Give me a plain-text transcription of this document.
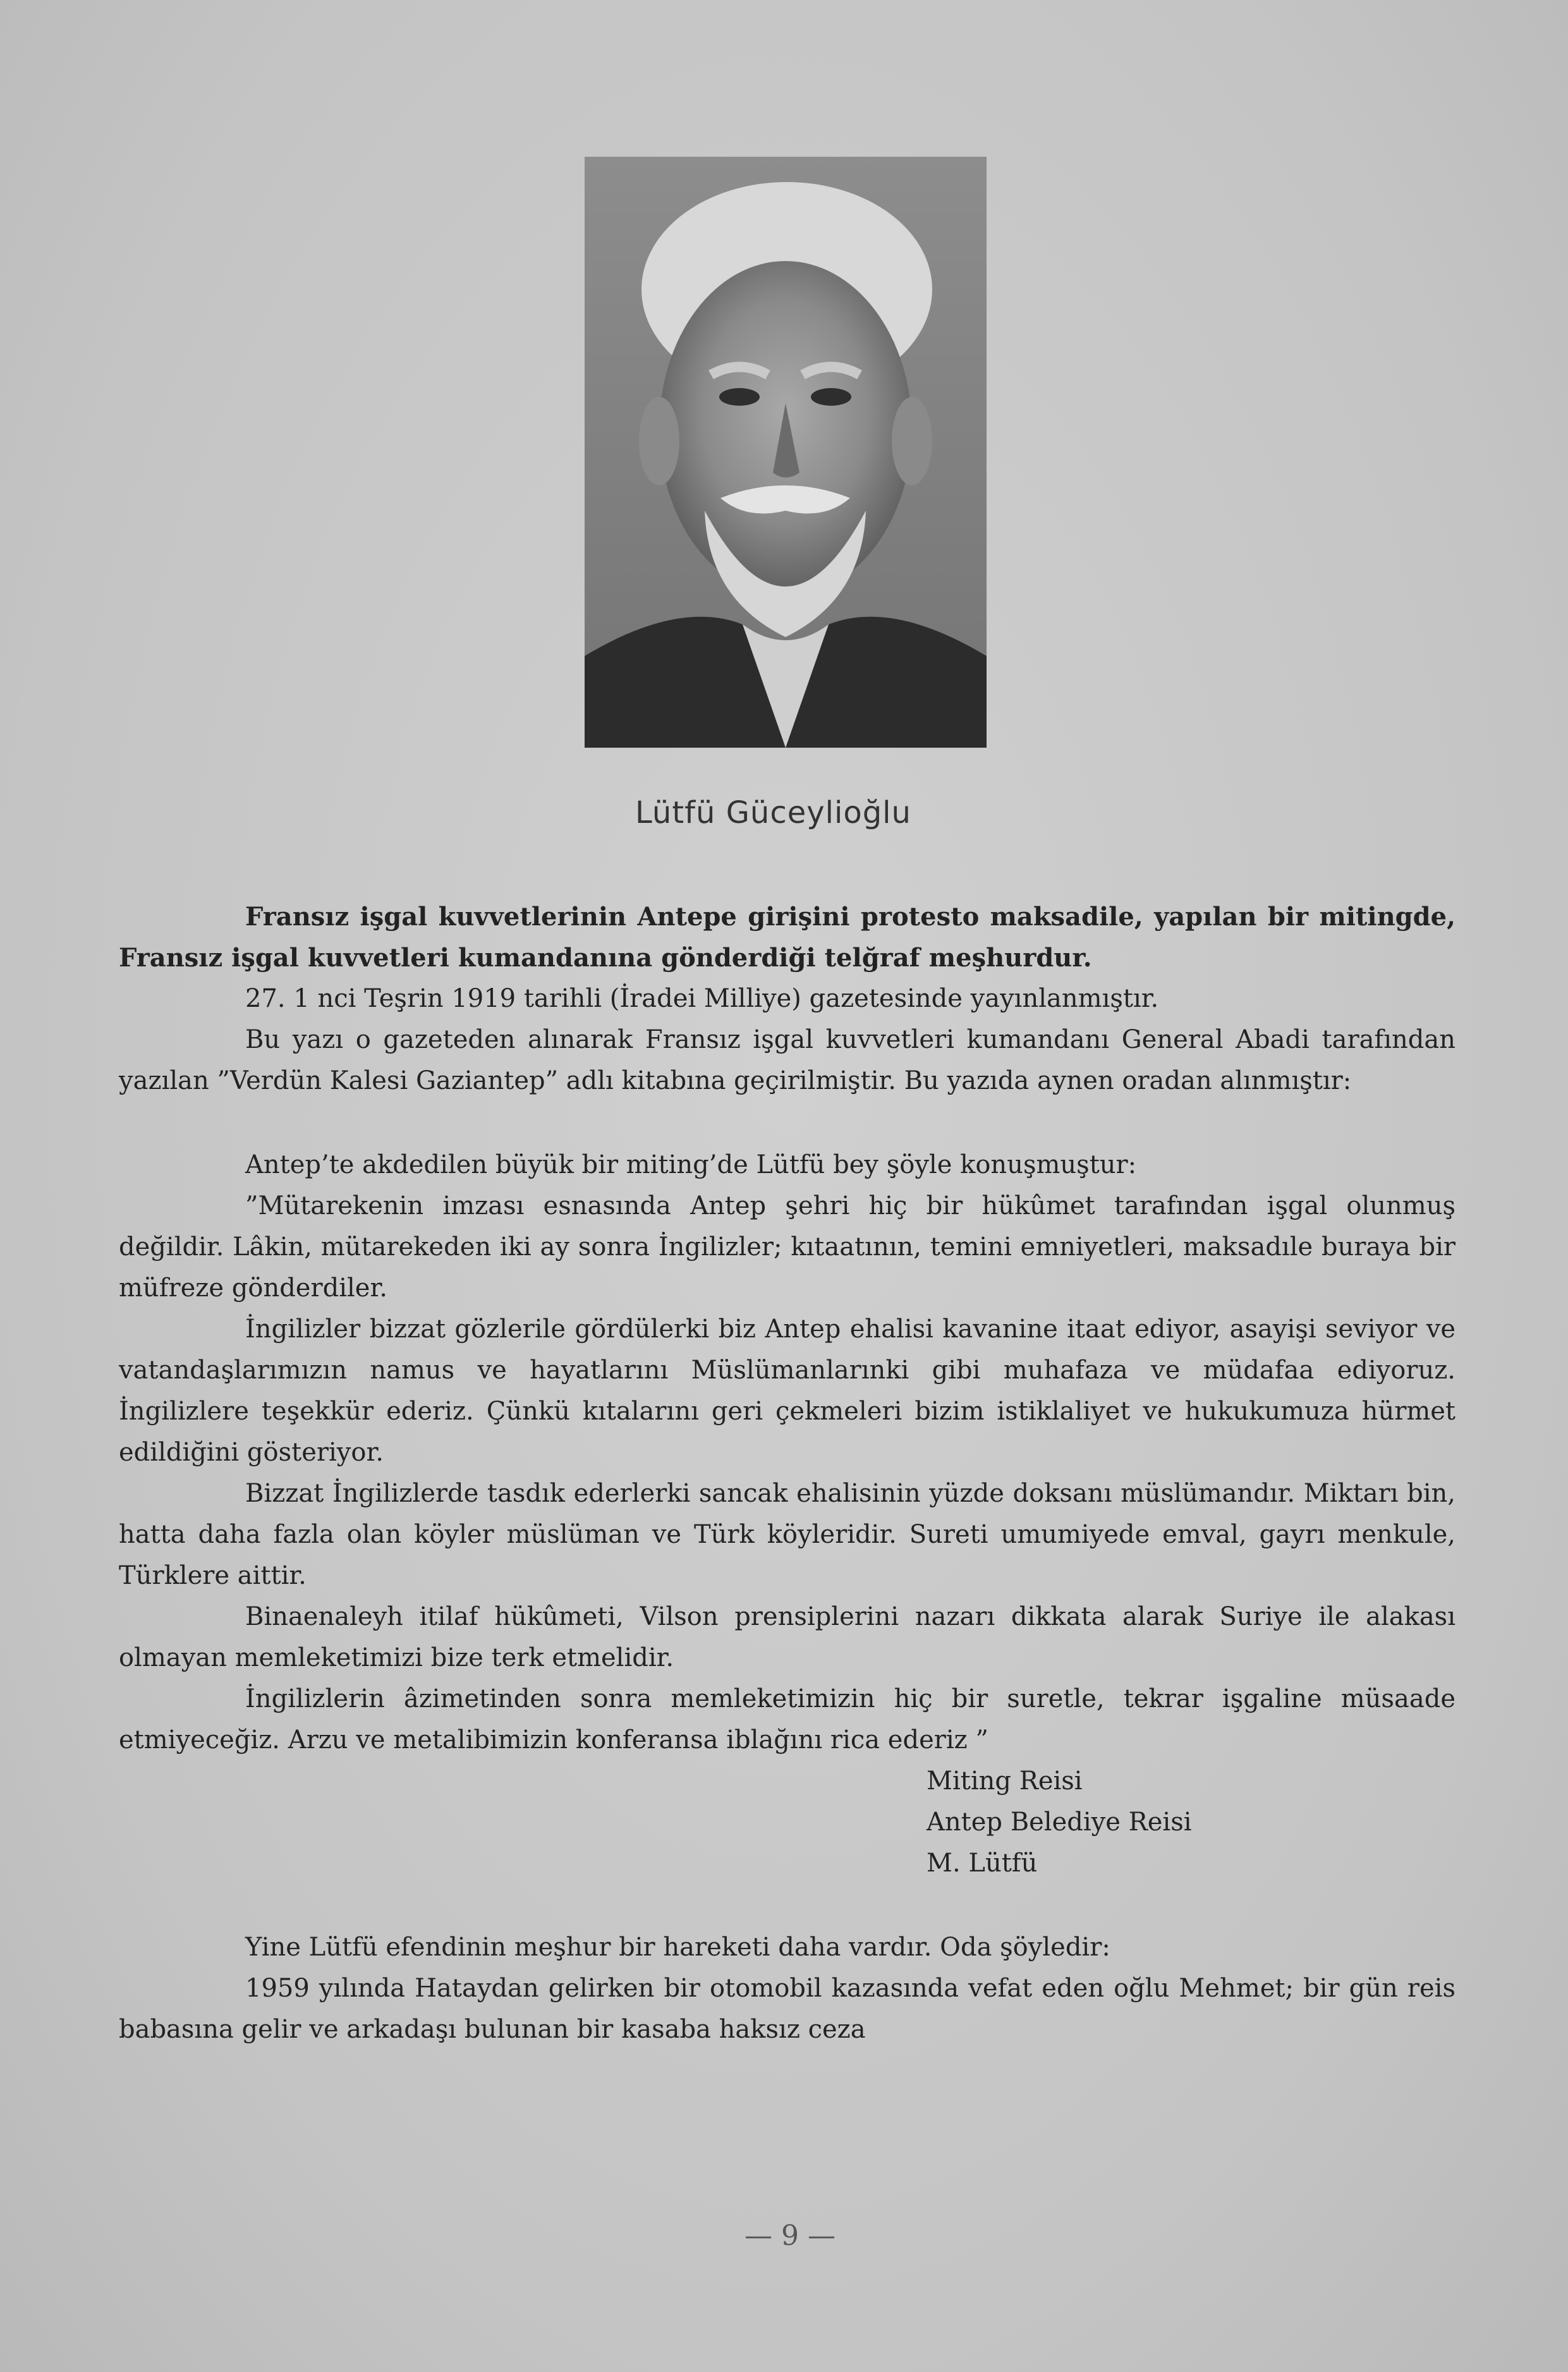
Lütfü Güceylioğlu

Fransız işgal kuvvetlerinin Antepe girişini protesto maksadile, yapılan bir mitingde, Fransız işgal kuvvetleri kumandanına gönderdiği telğraf meşhurdur.

27. 1 nci Teşrin 1919 tarihli (İradei Milliye) gazetesinde yayınlanmıştır.

Bu yazı o gazeteden alınarak Fransız işgal kuvvetleri kumandanı General Abadi tarafından yazılan ”Verdün Kalesi Gaziantep” adlı kitabına geçirilmiştir. Bu yazıda aynen oradan alınmıştır:

Antep’te akdedilen büyük bir miting’de Lütfü bey şöyle konuşmuştur:

”Mütarekenin imzası esnasında Antep şehri hiç bir hükûmet tarafından işgal olunmuş değildir. Lâkin, mütarekeden iki ay sonra İngilizler; kıtaatının, temini emniyetleri, maksadıle buraya bir müfreze gönderdiler.

İngilizler bizzat gözlerile gördülerki biz Antep ehalisi kavanine itaat ediyor, asayişi seviyor ve vatandaşlarımızın namus ve hayatlarını Müslümanlarınki gibi muhafaza ve müdafaa ediyoruz. İngilizlere teşekkür ederiz. Çünkü kıtalarını geri çekmeleri bizim istiklaliyet ve hukukumuza hürmet edildiğini gösteriyor.

Bizzat İngilizlerde tasdık ederlerki sancak ehalisinin yüzde doksanı müslümandır. Miktarı bin, hatta daha fazla olan köyler müslüman ve Türk köyleridir. Sureti umumiyede emval, gayrı menkule, Türklere aittir.

Binaenaleyh itilaf hükûmeti, Vilson prensiplerini nazarı dikkata alarak Suriye ile alakası olmayan memleketimizi bize terk etmelidir.

İngilizlerin âzimetinden sonra memleketimizin hiç bir suretle, tekrar işgaline müsaade etmiyeceğiz. Arzu ve metalibimizin konferansa iblağını rica ederiz ”

Miting Reisi

Antep Belediye Reisi

M. Lütfü

Yine Lütfü efendinin meşhur bir hareketi daha vardır. Oda şöyledir:

1959 yılında Hataydan gelirken bir otomobil kazasında vefat eden oğlu Mehmet; bir gün reis babasına gelir ve arkadaşı bulunan bir kasaba haksız ceza

— 9 —
